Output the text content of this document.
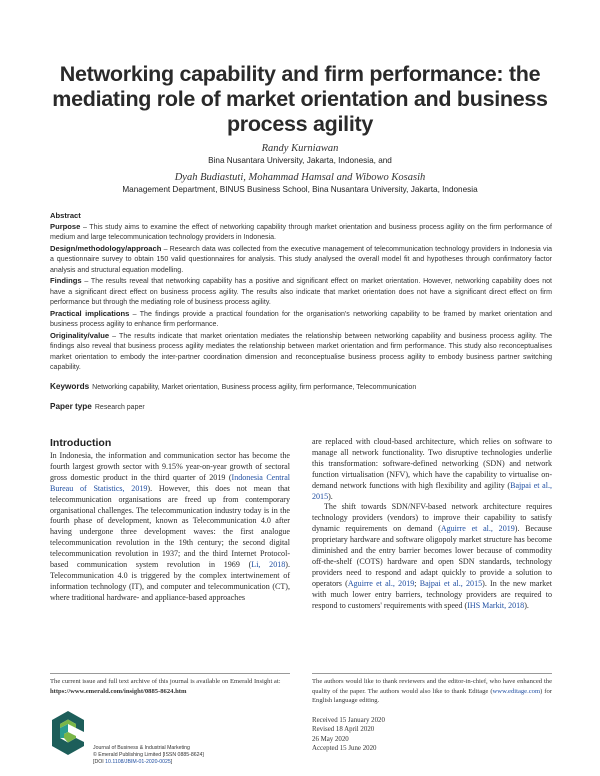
Networking capability and firm performance: the mediating role of market orientation and business process agility
Randy Kurniawan
Bina Nusantara University, Jakarta, Indonesia, and
Dyah Budiastuti, Mohammad Hamsal and Wibowo Kosasih
Management Department, BINUS Business School, Bina Nusantara University, Jakarta, Indonesia
Abstract

Purpose – This study aims to examine the effect of networking capability through market orientation and business process agility on the firm performance of medium and large telecommunication technology providers in Indonesia.

Design/methodology/approach – Research data was collected from the executive management of telecommunication technology providers in Indonesia via a questionnaire survey to obtain 150 valid questionnaires for analysis. This study analysed the overall model fit and hypotheses through confirmatory factor analysis and structural equation modelling.

Findings – The results reveal that networking capability has a positive and significant effect on market orientation. However, networking capability does not have a significant direct effect on business process agility. The results also indicate that market orientation does not have a significant direct effect on firm performance but through the mediating role of business process agility.

Practical implications – The findings provide a practical foundation for the organisation's networking capability to be framed by market orientation and business process agility to enhance firm performance.

Originality/value – The results indicate that market orientation mediates the relationship between networking capability and business process agility. The findings also reveal that business process agility mediates the relationship between market orientation and firm performance. This study also reconceptualises market orientation to embody the inter-partner coordination dimension and reconceptualise business process agility to embody business partner switching capability.

Keywords Networking capability, Market orientation, Business process agility, firm performance, Telecommunication
Paper type Research paper
Introduction

In Indonesia, the information and communication sector has become the fourth largest growth sector with 9.15% year-on-year growth of sectoral gross domestic product in the third quarter of 2019 (Indonesia Central Bureau of Statistics, 2019). However, this does not mean that telecommunication organisations are freed up from contemporary organisational challenges. The telecommunication industry today is in the fourth phase of development, known as Telecommunication 4.0 after having undergone three development waves: the first analogue telecommunication revolution in the 19th century; the second digital telecommunication revolution in 1937; and the third Internet Protocol-based communication system revolution in 1969 (Li, 2018). Telecommunication 4.0 is triggered by the complex intertwinement of information technology (IT), and computer and telecommunication (CT), where traditional hardware- and appliance-based approaches

are replaced with cloud-based architecture, which relies on software to manage all network functionality. Two disruptive technologies underlie this transformation: software-defined networking (SDN) and network function virtualisation (NFV), which have the capability to virtualise on-demand network functions with high flexibility and agility (Bajpai et al., 2015).

The shift towards SDN/NFV-based network architecture requires technology providers (vendors) to improve their capability to satisfy dynamic requirements on demand (Aguirre et al., 2019). Because proprietary hardware and software oligopoly market structure has become diminished and the entry barrier becomes lower because of commodity off-the-shelf (COTS) hardware and open SDN standards, technology providers need to respond and adapt quickly to provide a solution to operators (Aguirre et al., 2019; Bajpai et al., 2015). In the new market with much lower entry barriers, technology providers are required to respond to customers' requirements with speed (IHS Markit, 2018).

The current issue and full text archive of this journal is available on Emerald Insight at: https://www.emerald.com/insight/0885-8624.htm
Journal of Business & Industrial Marketing
© Emerald Publishing Limited [ISSN 0885-8624]
[DOI 10.1108/JBIM-01-2020-0025]
The authors would like to thank reviewers and the editor-in-chief, who have enhanced the quality of the paper. The authors would also like to thank Editage (www.editage.com) for English language editing.
Received 15 January 2020
Revised 18 April 2020
26 May 2020
Accepted 15 June 2020
